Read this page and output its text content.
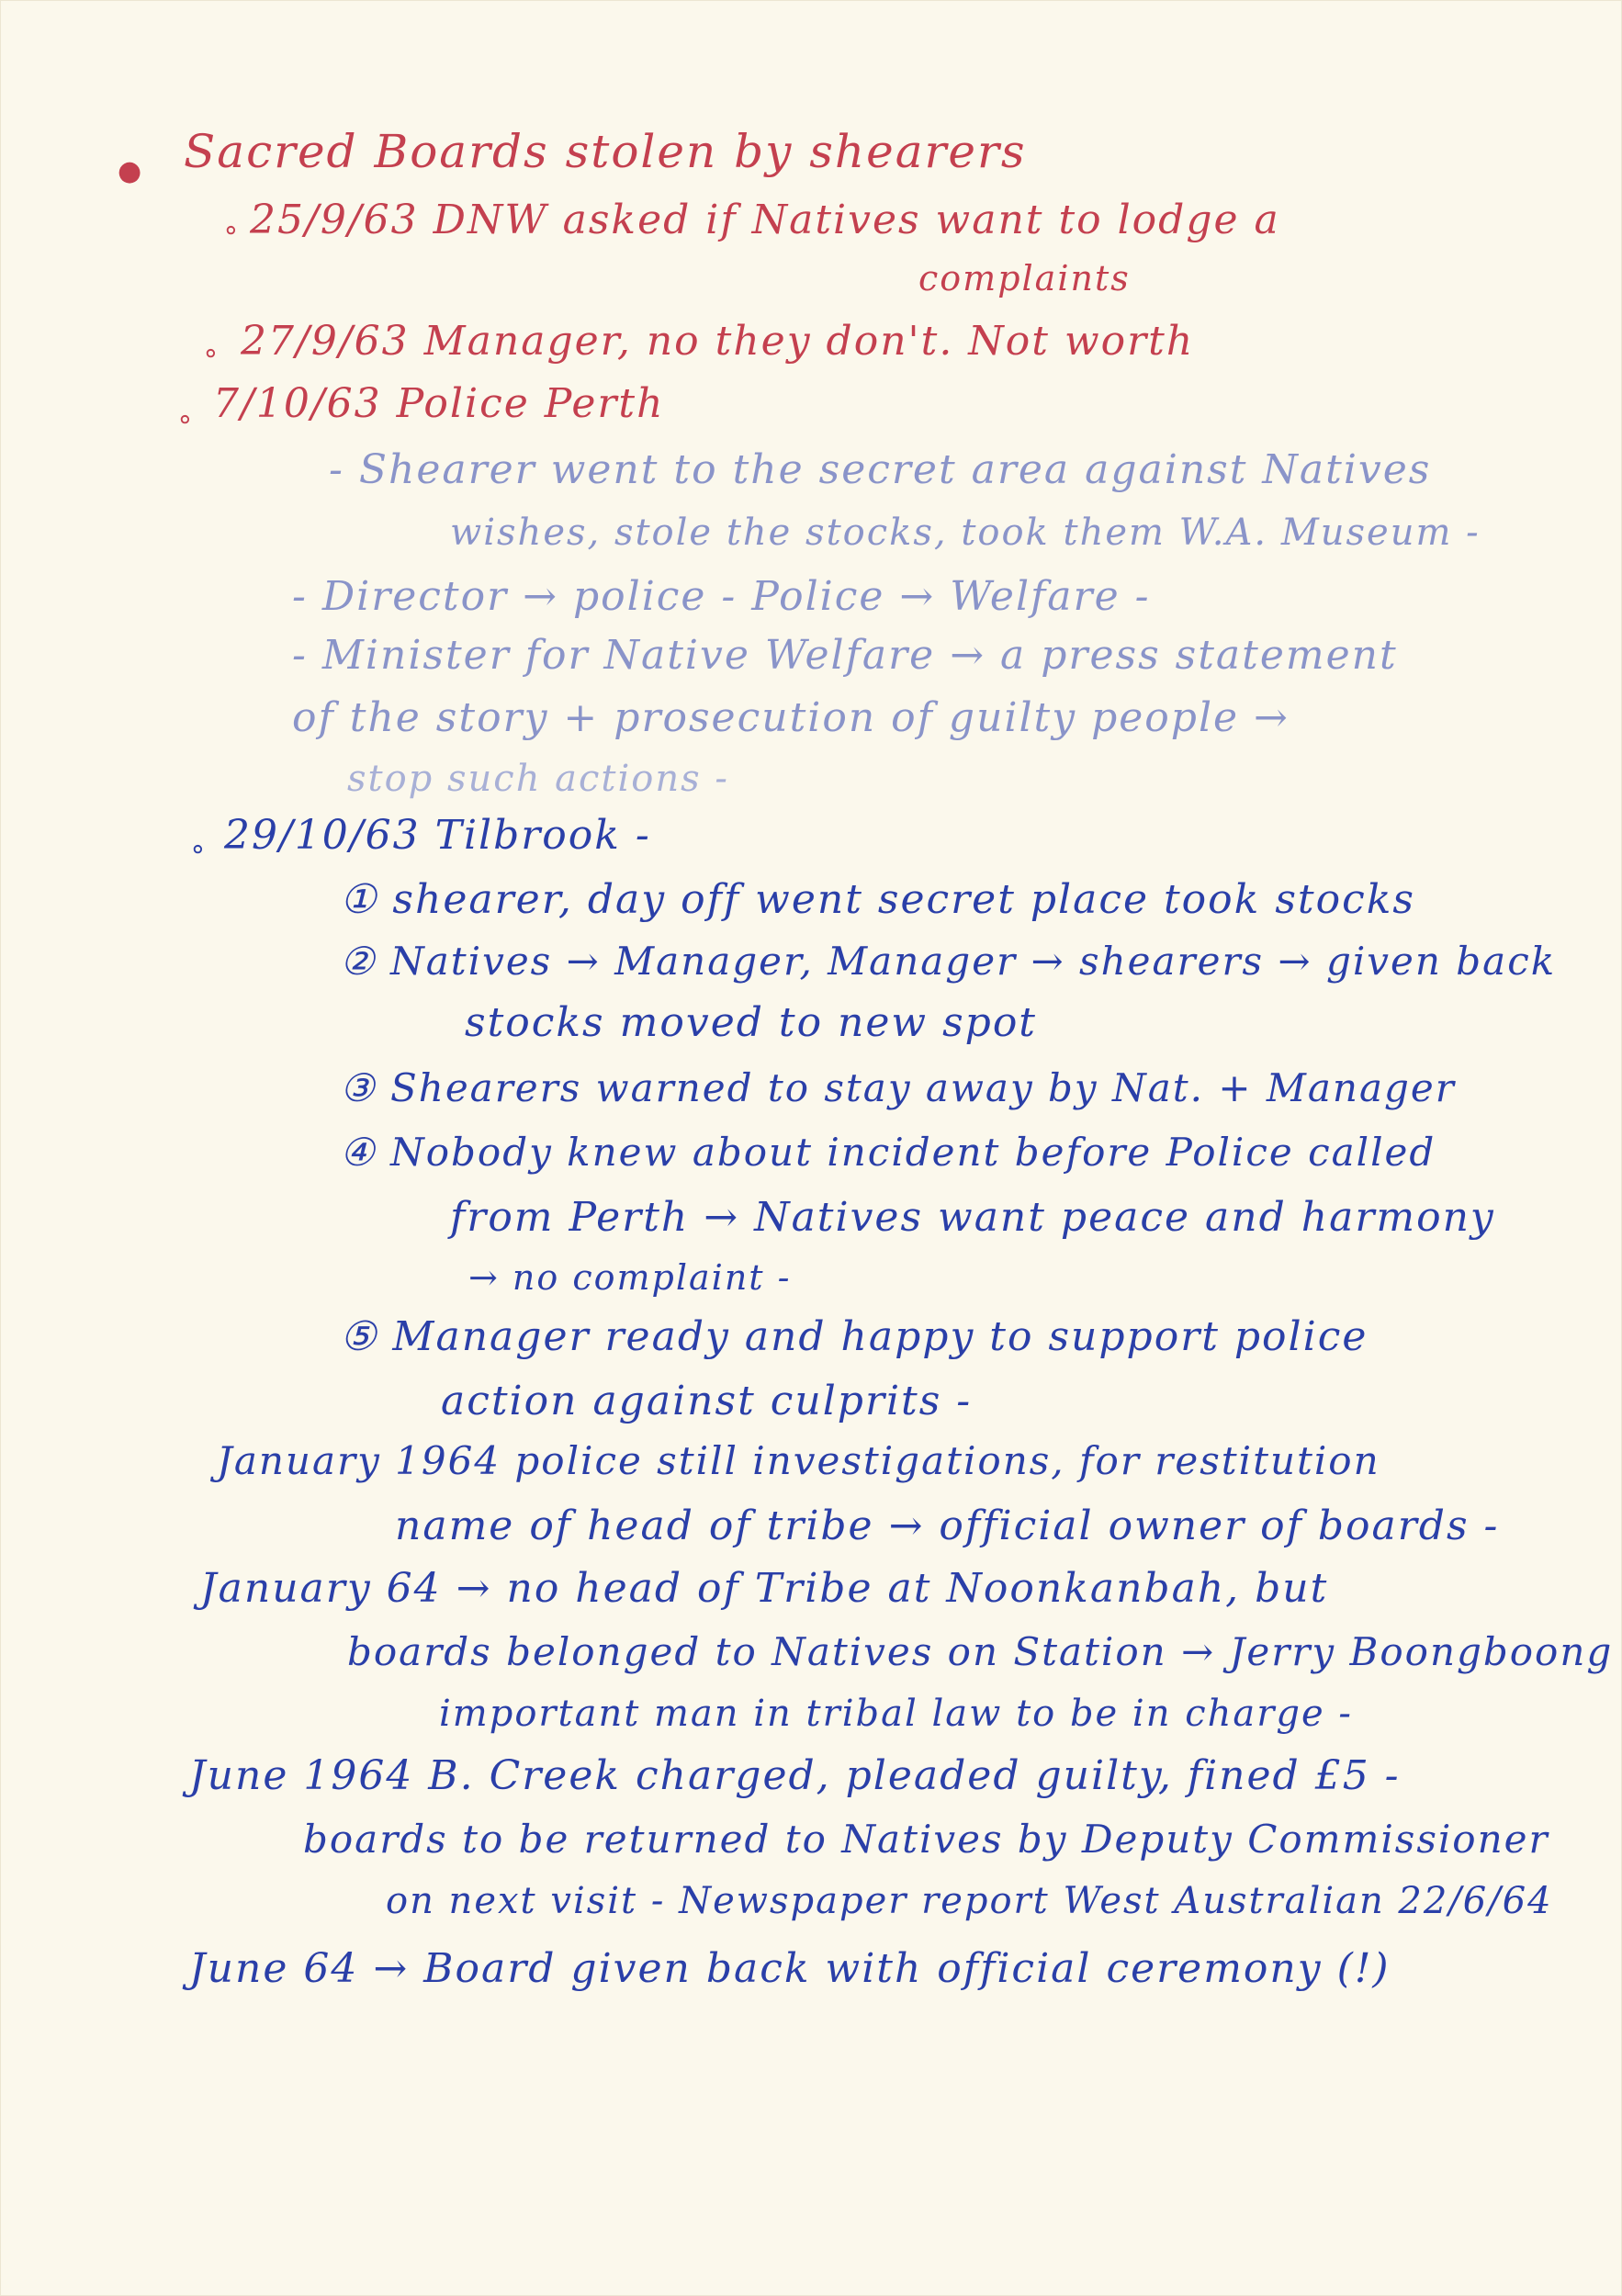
● Sacred Boards stolen by shearers
∘ 25/9/63 DNW asked if Natives want to lodge a
complaints
∘ 27/9/63 Manager, no they don't. Not worth
∘ 7/10/63 Police Perth
- Shearer went to the secret area against Natives
wishes, stole the stocks, took them W.A. Museum -
- Director → police - Police → Welfare -
- Minister for Native Welfare → a press statement
of the story + prosecution of guilty people →
stop such actions -
∘ 29/10/63 Tilbrook -
① shearer, day off went secret place took stocks
② Natives → Manager, Manager → shearers → given back
stocks moved to new spot
③ Shearers warned to stay away by Nat. + Manager
④ Nobody knew about incident before Police called
from Perth → Natives want peace and harmony
→ no complaint -
⑤ Manager ready and happy to support police
action against culprits -
January 1964 police still investigations, for restitution
name of head of tribe → official owner of boards -
January 64 → no head of Tribe at Noonkanbah, but
boards belonged to Natives on Station → Jerry Boongboong
important man in tribal law to be in charge -
June 1964 B. Creek charged, pleaded guilty, fined £5 -
boards to be returned to Natives by Deputy Commissioner
on next visit - Newspaper report West Australian 22/6/64
June 64 → Board given back with official ceremony (!)
